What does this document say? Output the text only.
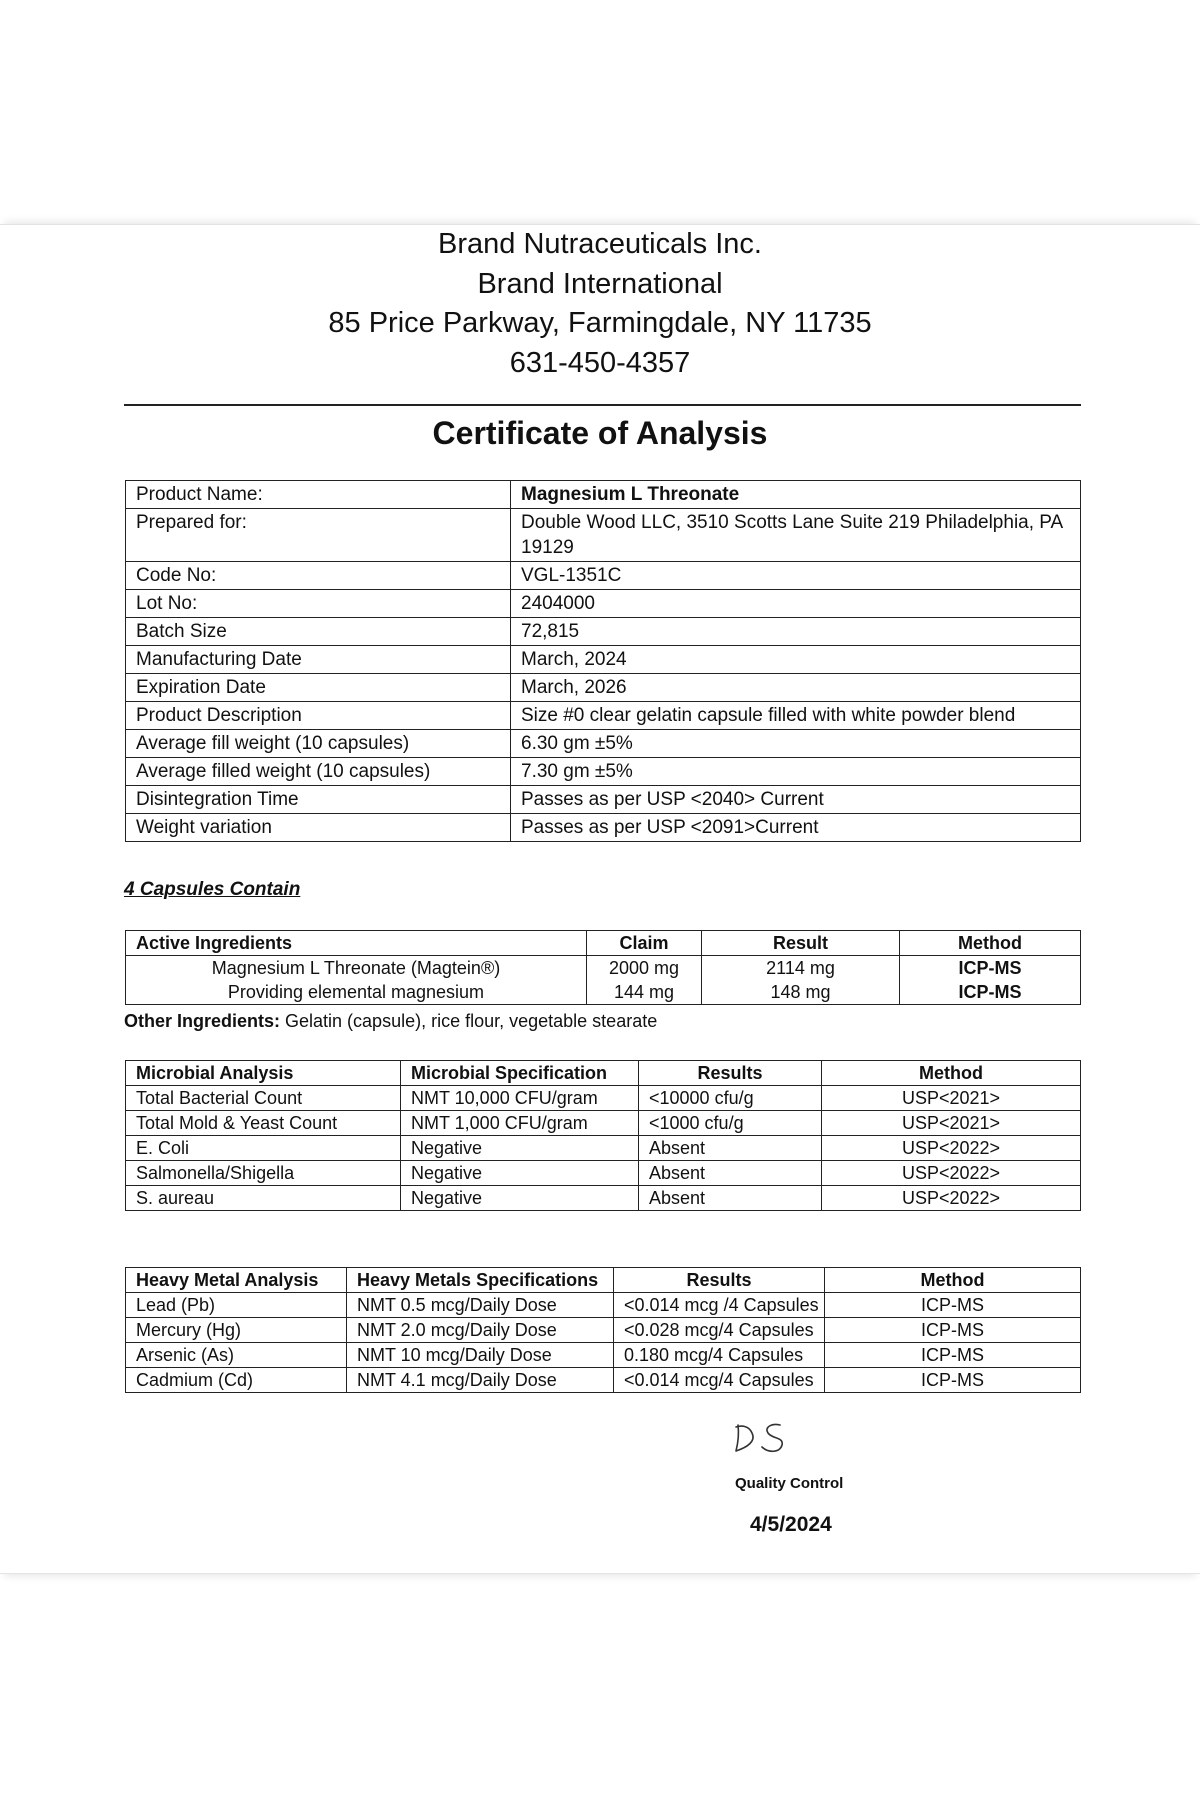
Brand Nutraceuticals Inc.
Brand International
85 Price Parkway, Farmingdale, NY 11735
631-450-4357
Certificate of Analysis
Product Name:	Magnesium L Threonate
Prepared for:	Double Wood LLC, 3510 Scotts Lane Suite 219 Philadelphia, PA 19129
Code No:	VGL-1351C
Lot No:	2404000
Batch Size	72,815
Manufacturing Date	March, 2024
Expiration Date	March, 2026
Product Description	Size #0 clear gelatin capsule filled with white powder blend
Average fill weight (10 capsules)	6.30 gm ±5%
Average filled weight (10 capsules)	7.30 gm ±5%
Disintegration Time	Passes as per USP <2040> Current
Weight variation	Passes as per USP <2091>Current
4 Capsules Contain
Active Ingredients	Claim	Result	Method
Magnesium L Threonate (Magtein®)	2000 mg	2114 mg	ICP-MS
Providing elemental magnesium	144 mg	148 mg	ICP-MS
Other Ingredients: Gelatin (capsule), rice flour, vegetable stearate
Microbial Analysis	Microbial Specification	Results	Method
Total Bacterial Count	NMT 10,000 CFU/gram	<10000 cfu/g	USP<2021>
Total Mold & Yeast Count	NMT 1,000 CFU/gram	<1000 cfu/g	USP<2021>
E. Coli	Negative	Absent	USP<2022>
Salmonella/Shigella	Negative	Absent	USP<2022>
S. aureau	Negative	Absent	USP<2022>
Heavy Metal Analysis	Heavy Metals Specifications	Results	Method
Lead (Pb)	NMT 0.5 mcg/Daily Dose	<0.014 mcg /4 Capsules	ICP-MS
Mercury (Hg)	NMT 2.0 mcg/Daily Dose	<0.028 mcg/4 Capsules	ICP-MS
Arsenic (As)	NMT 10 mcg/Daily Dose	0.180 mcg/4 Capsules	ICP-MS
Cadmium (Cd)	NMT 4.1 mcg/Daily Dose	<0.014 mcg/4 Capsules	ICP-MS
Quality Control
4/5/2024
